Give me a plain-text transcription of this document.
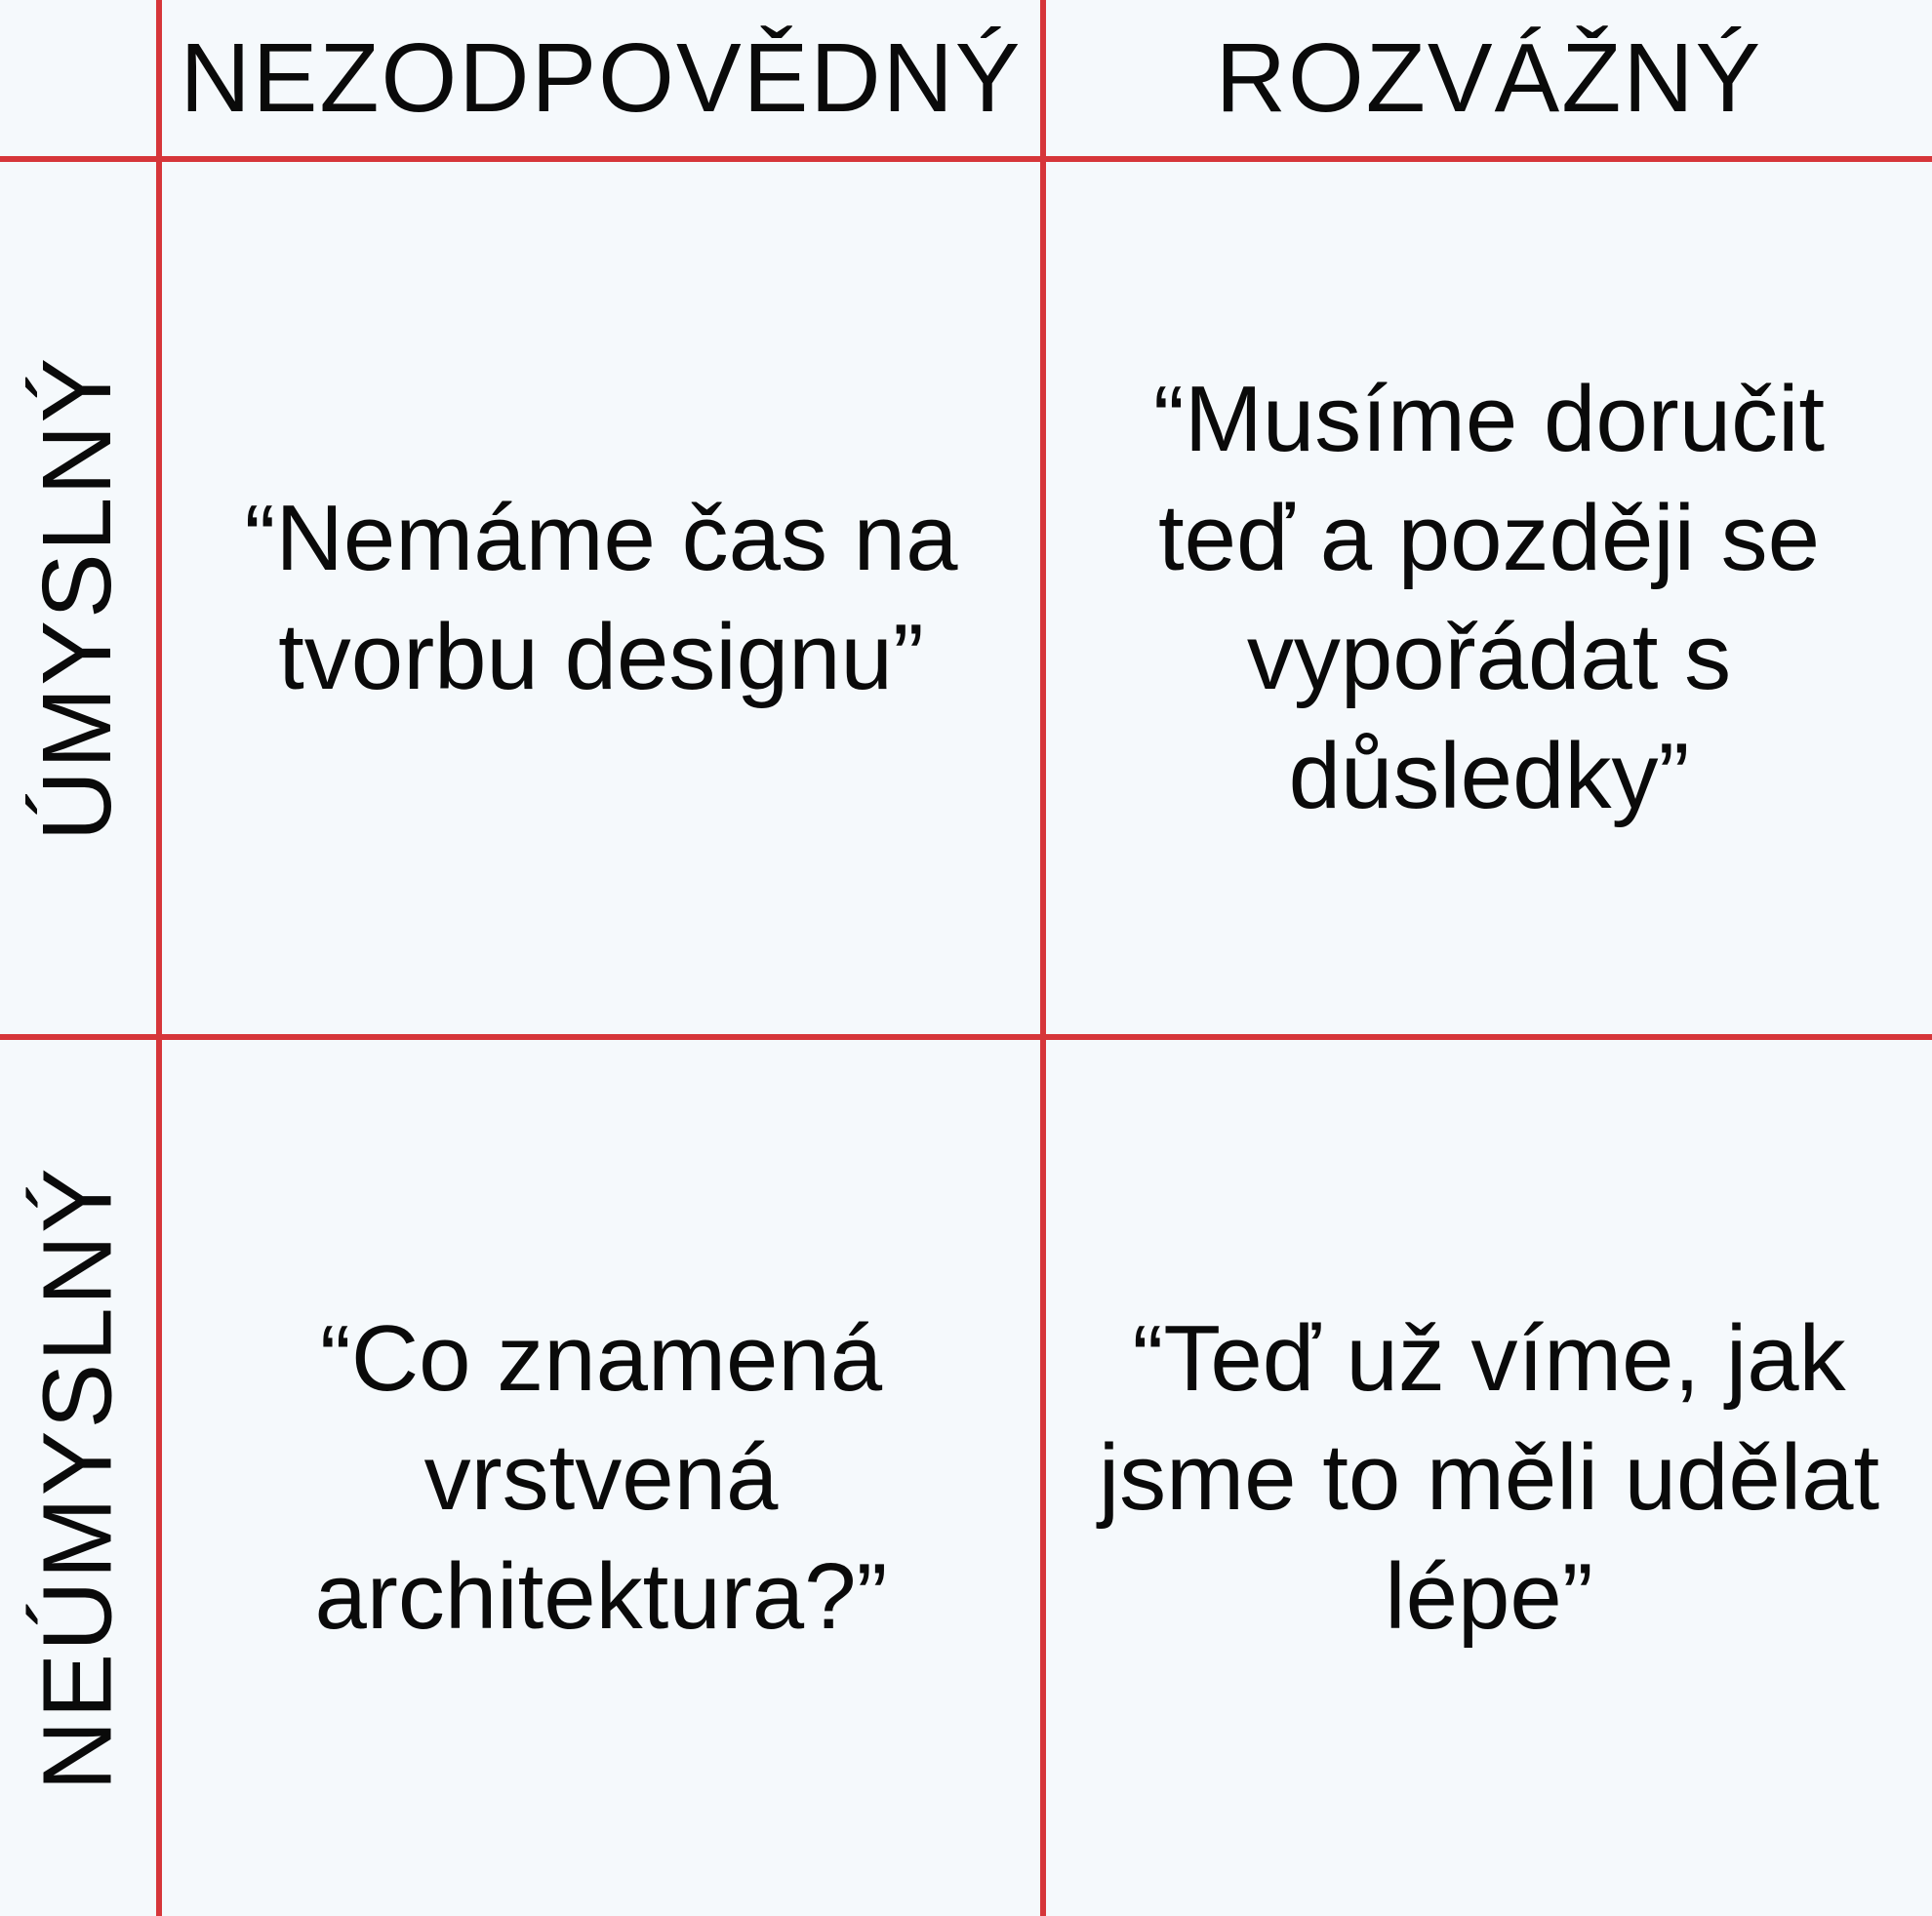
NEZODPOVĚDNÝ	ROZVÁŽNÝ
ÚMYSLNÝ
NEÚMYSLNÝ

“Nemáme čas na tvorbu designu”

“Musíme doručit teď a později se vypořádat s důsledky”

“Co znamená vrstvená architektura?”

“Teď už víme, jak jsme to měli udělat lépe”
